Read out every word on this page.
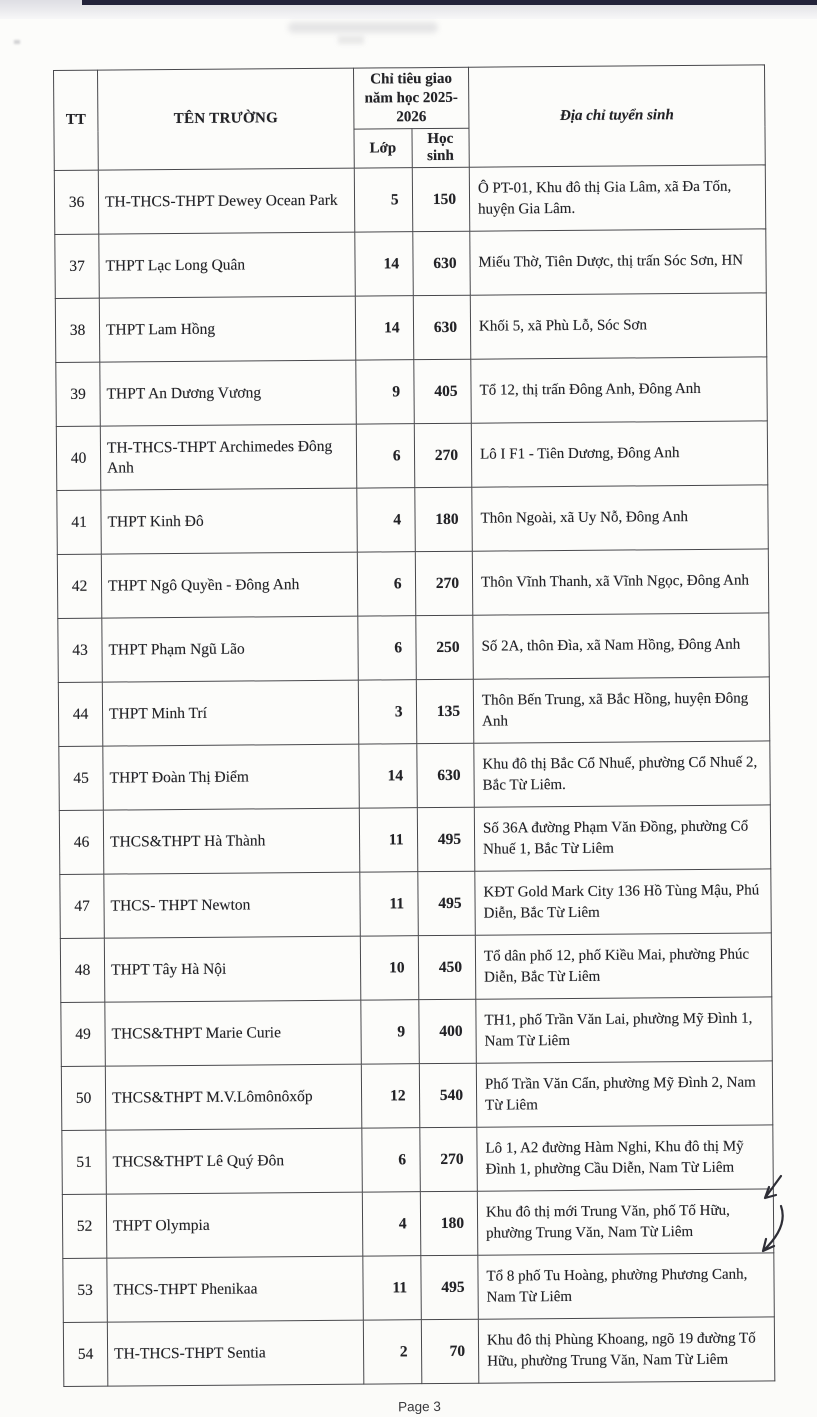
TT	TÊN TRƯỜNG	Chỉ tiêu giao năm học 2025-2026		Địa chỉ tuyển sinh
		Lớp	Học sinh	
36	TH-THCS-THPT Dewey Ocean Park	5	150	Ô PT-01, Khu đô thị Gia Lâm, xã Đa Tốn, huyện Gia Lâm.
37	THPT Lạc Long Quân	14	630	Miếu Thờ, Tiên Dược, thị trấn Sóc Sơn, HN
38	THPT Lam Hồng	14	630	Khối 5, xã Phù Lỗ, Sóc Sơn
39	THPT An Dương Vương	9	405	Tổ 12, thị trấn Đông Anh, Đông Anh
40	TH-THCS-THPT Archimedes Đông Anh	6	270	Lô I F1 - Tiên Dương, Đông Anh
41	THPT Kinh Đô	4	180	Thôn Ngoài, xã Uy Nỗ, Đông Anh
42	THPT Ngô Quyền - Đông Anh	6	270	Thôn Vĩnh Thanh, xã Vĩnh Ngọc, Đông Anh
43	THPT Phạm Ngũ Lão	6	250	Số 2A, thôn Đìa, xã Nam Hồng, Đông Anh
44	THPT Minh Trí	3	135	Thôn Bến Trung, xã Bắc Hồng, huyện Đông Anh
45	THPT Đoàn Thị Điểm	14	630	Khu đô thị Bắc Cổ Nhuế, phường Cổ Nhuế 2, Bắc Từ Liêm.
46	THCS&THPT Hà Thành	11	495	Số 36A đường Phạm Văn Đồng, phường Cổ Nhuế 1, Bắc Từ Liêm
47	THCS- THPT Newton	11	495	KĐT Gold Mark City 136 Hồ Tùng Mậu, Phú Diễn, Bắc Từ Liêm
48	THPT Tây Hà Nội	10	450	Tổ dân phố 12, phố Kiều Mai, phường Phúc Diễn, Bắc Từ Liêm
49	THCS&THPT Marie Curie	9	400	TH1, phố Trần Văn Lai, phường Mỹ Đình 1, Nam Từ Liêm
50	THCS&THPT M.V.Lômônôxốp	12	540	Phố Trần Văn Cẩn, phường Mỹ Đình 2, Nam Từ Liêm
51	THCS&THPT Lê Quý Đôn	6	270	Lô 1, A2 đường Hàm Nghi, Khu đô thị Mỹ Đình 1, phường Cầu Diễn, Nam Từ Liêm
52	THPT Olympia	4	180	Khu đô thị mới Trung Văn, phố Tố Hữu, phường Trung Văn, Nam Từ Liêm
53	THCS-THPT Phenikaa	11	495	Tổ 8 phố Tu Hoàng, phường Phương Canh, Nam Từ Liêm
54	TH-THCS-THPT Sentia	2	70	Khu đô thị Phùng Khoang, ngõ 19 đường Tố Hữu, phường Trung Văn, Nam Từ Liêm
Page 3
